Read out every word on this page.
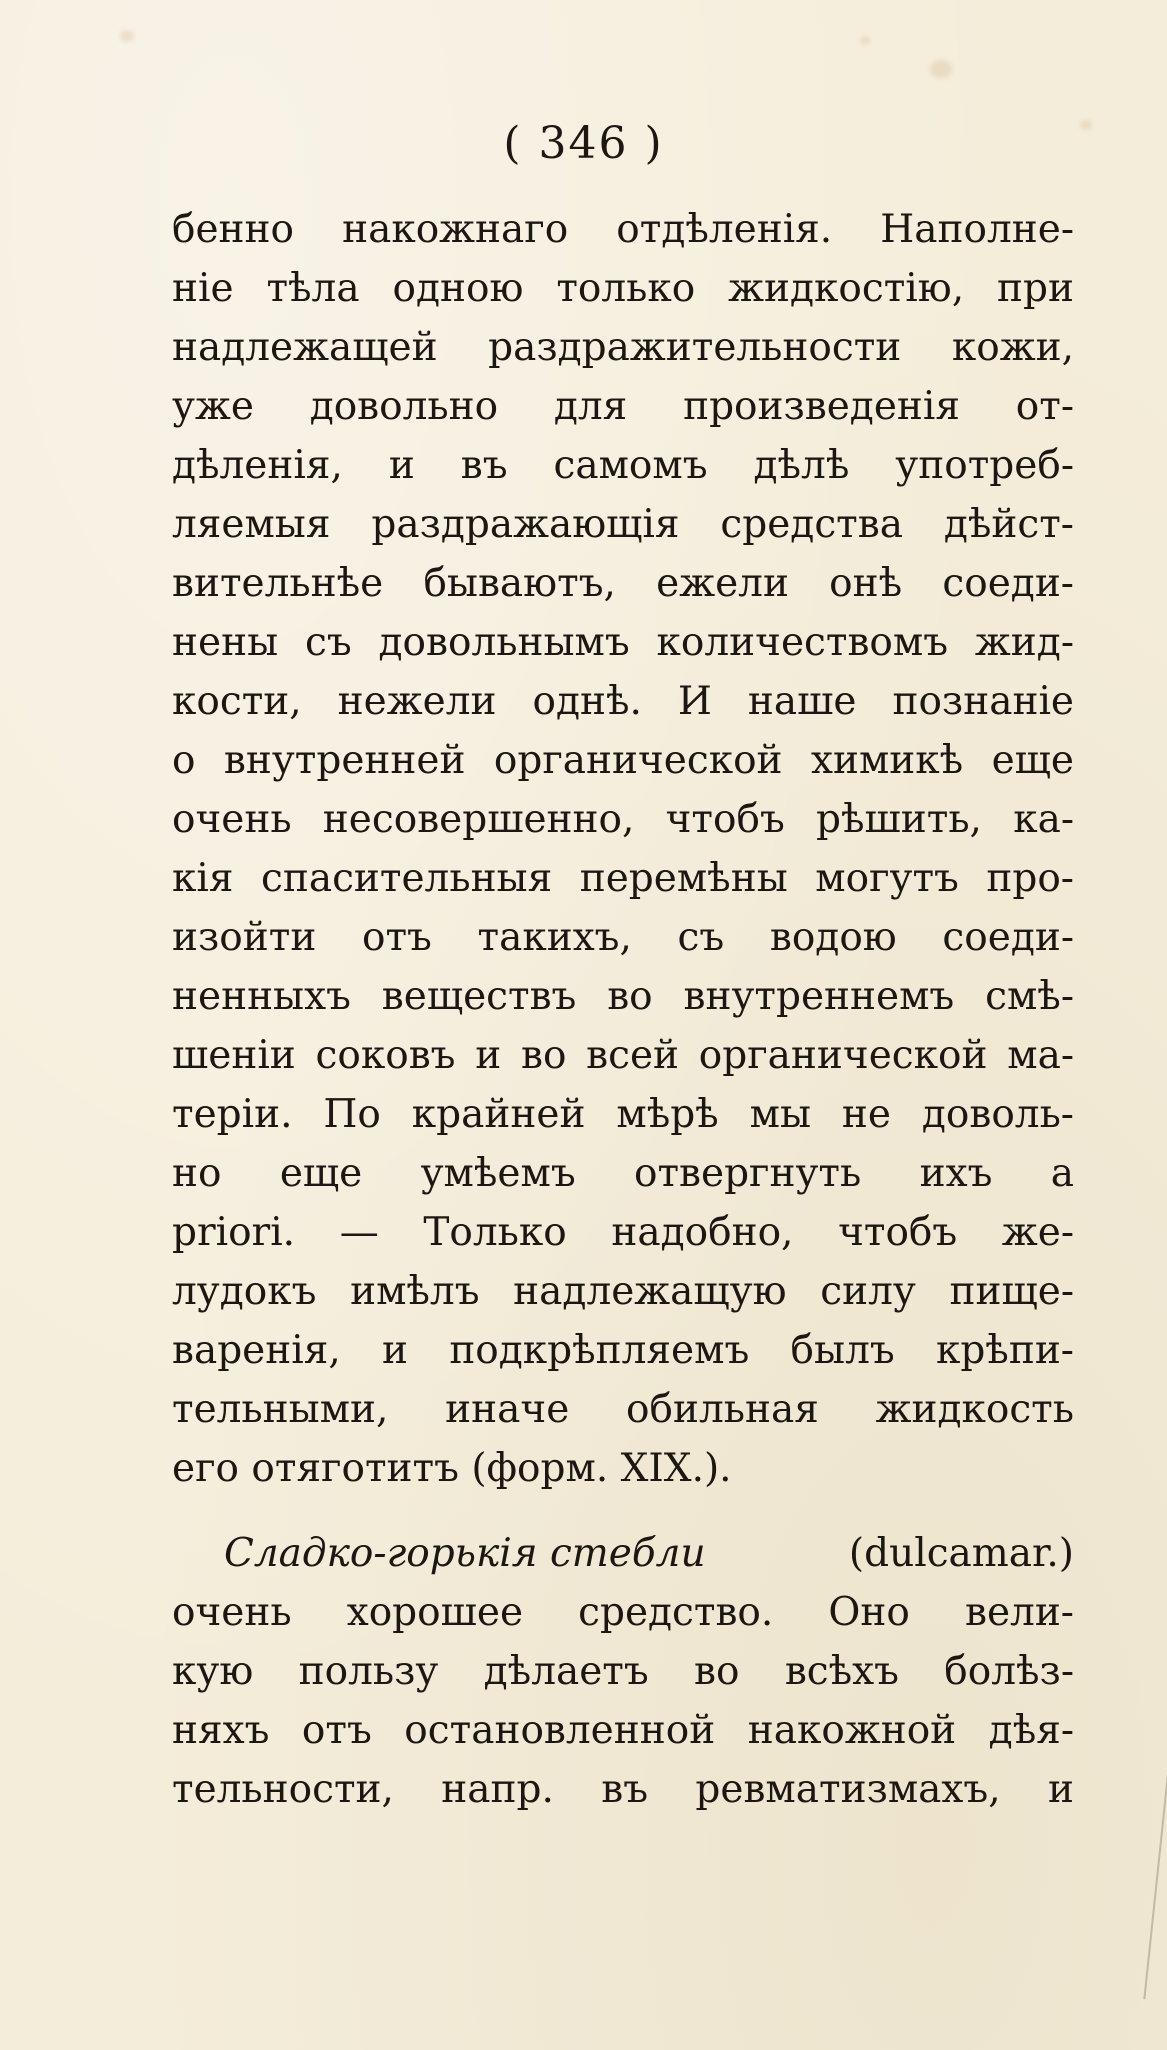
( 346 )
бенно накожнаго отдѣленія. Наполне-
ніе тѣла одною только жидкостію, при
надлежащей раздражительности кожи,
уже довольно для произведенія от-
дѣленія, и въ самомъ дѣлѣ употреб-
ляемыя раздражающія средства дѣйст-
вительнѣе бываютъ, ежели онѣ соеди-
нены съ довольнымъ количествомъ жид-
кости, нежели однѣ. И наше познаніе
о внутренней органической химикѣ еще
очень несовершенно, чтобъ рѣшить, ка-
кія спасительныя перемѣны могутъ про-
изойти отъ такихъ, съ водою соеди-
ненныхъ веществъ во внутреннемъ смѣ-
шеніи соковъ и во всей органической ма-
теріи. По крайней мѣрѣ мы не доволь-
но еще умѣемъ отвергнуть ихъ а
priori. — Только надобно, чтобъ же-
лудокъ имѣлъ надлежащую силу пище-
варенія, и подкрѣпляемъ былъ крѣпи-
тельными, иначе обильная жидкость
его отяготитъ (форм. XIX.).
Сладко-горькія стебли	(dulcamar.)
очень хорошее средство. Оно вели-
кую пользу дѣлаетъ во всѣхъ болѣз-
няхъ отъ остановленной накожной дѣя-
тельности, напр. въ ревматизмахъ, и
